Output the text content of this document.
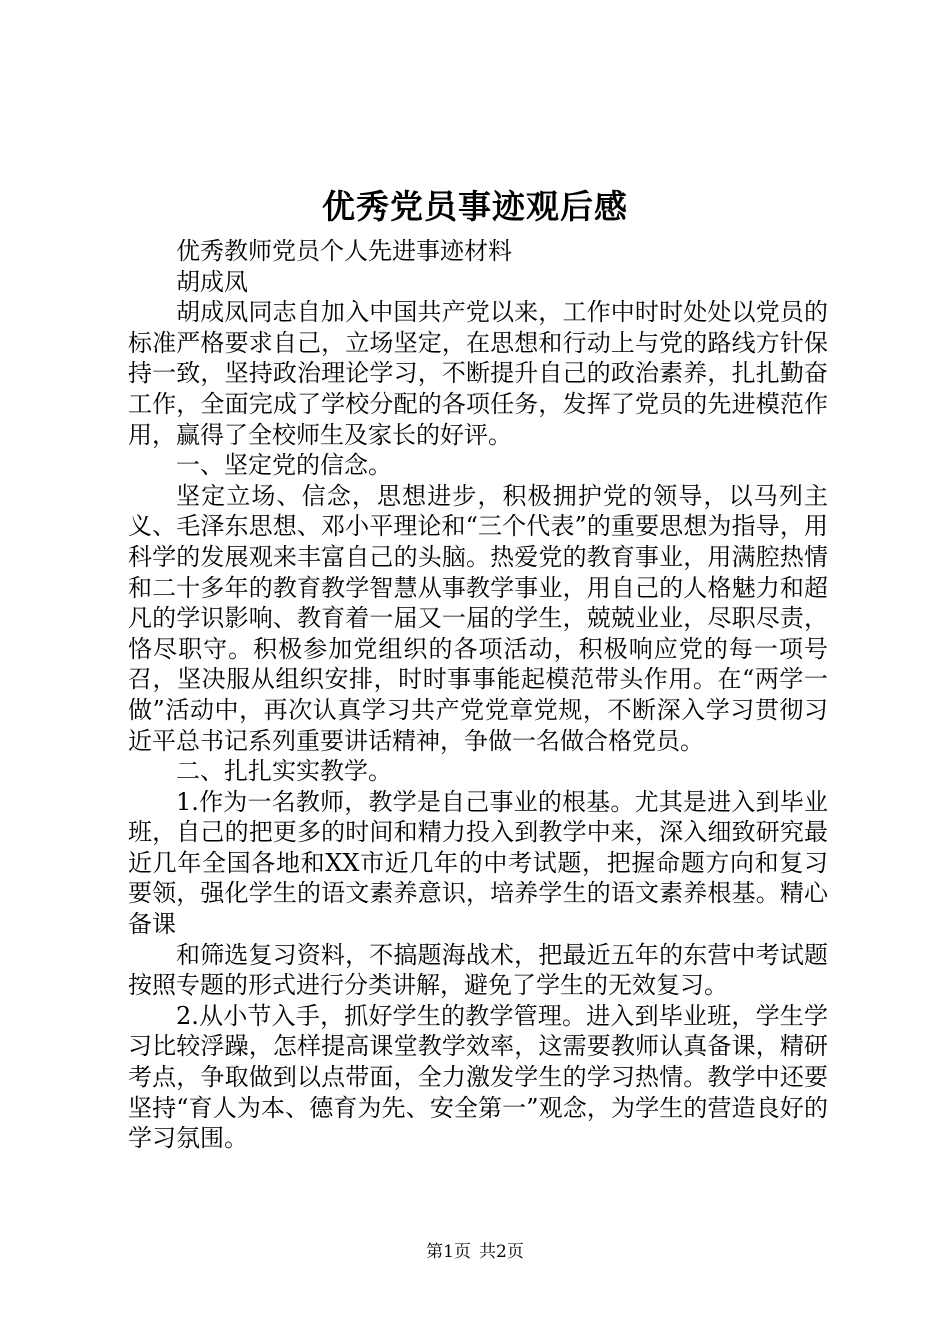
优秀党员事迹观后感

优秀教师党员个人先进事迹材料

胡成凤

胡成凤同志自加入中国共产党以来，工作中时时处处以党员的标准严格要求自己，立场坚定，在思想和行动上与党的路线方针保持一致，坚持政治理论学习，不断提升自己的政治素养，扎扎勤奋工作，全面完成了学校分配的各项任务，发挥了党员的先进模范作用，赢得了全校师生及家长的好评。

一、坚定党的信念。

坚定立场、信念，思想进步，积极拥护党的领导，以马列主义、毛泽东思想、邓小平理论和“三个代表”的重要思想为指导，用科学的发展观来丰富自己的头脑。热爱党的教育事业，用满腔热情和二十多年的教育教学智慧从事教学事业，用自己的人格魅力和超凡的学识影响、教育着一届又一届的学生，兢兢业业，尽职尽责，恪尽职守。积极参加党组织的各项活动，积极响应党的每一项号召，坚决服从组织安排，时时事事能起模范带头作用。在“两学一做”活动中，再次认真学习共产党党章党规，不断深入学习贯彻习近平总书记系列重要讲话精神，争做一名做合格党员。

二、扎扎实实教学。

1.作为一名教师，教学是自己事业的根基。尤其是进入到毕业班，自己的把更多的时间和精力投入到教学中来，深入细致研究最近几年全国各地和XX市近几年的中考试题，把握命题方向和复习要领，强化学生的语文素养意识，培养学生的语文素养根基。精心备课

和筛选复习资料，不搞题海战术，把最近五年的东营中考试题按照专题的形式进行分类讲解，避免了学生的无效复习。

2.从小节入手，抓好学生的教学管理。进入到毕业班，学生学习比较浮躁，怎样提高课堂教学效率，这需要教师认真备课，精研考点，争取做到以点带面，全力激发学生的学习热情。教学中还要坚持“育人为本、德育为先、安全第一”观念，为学生的营造良好的学习氛围。

第1页 共2页
